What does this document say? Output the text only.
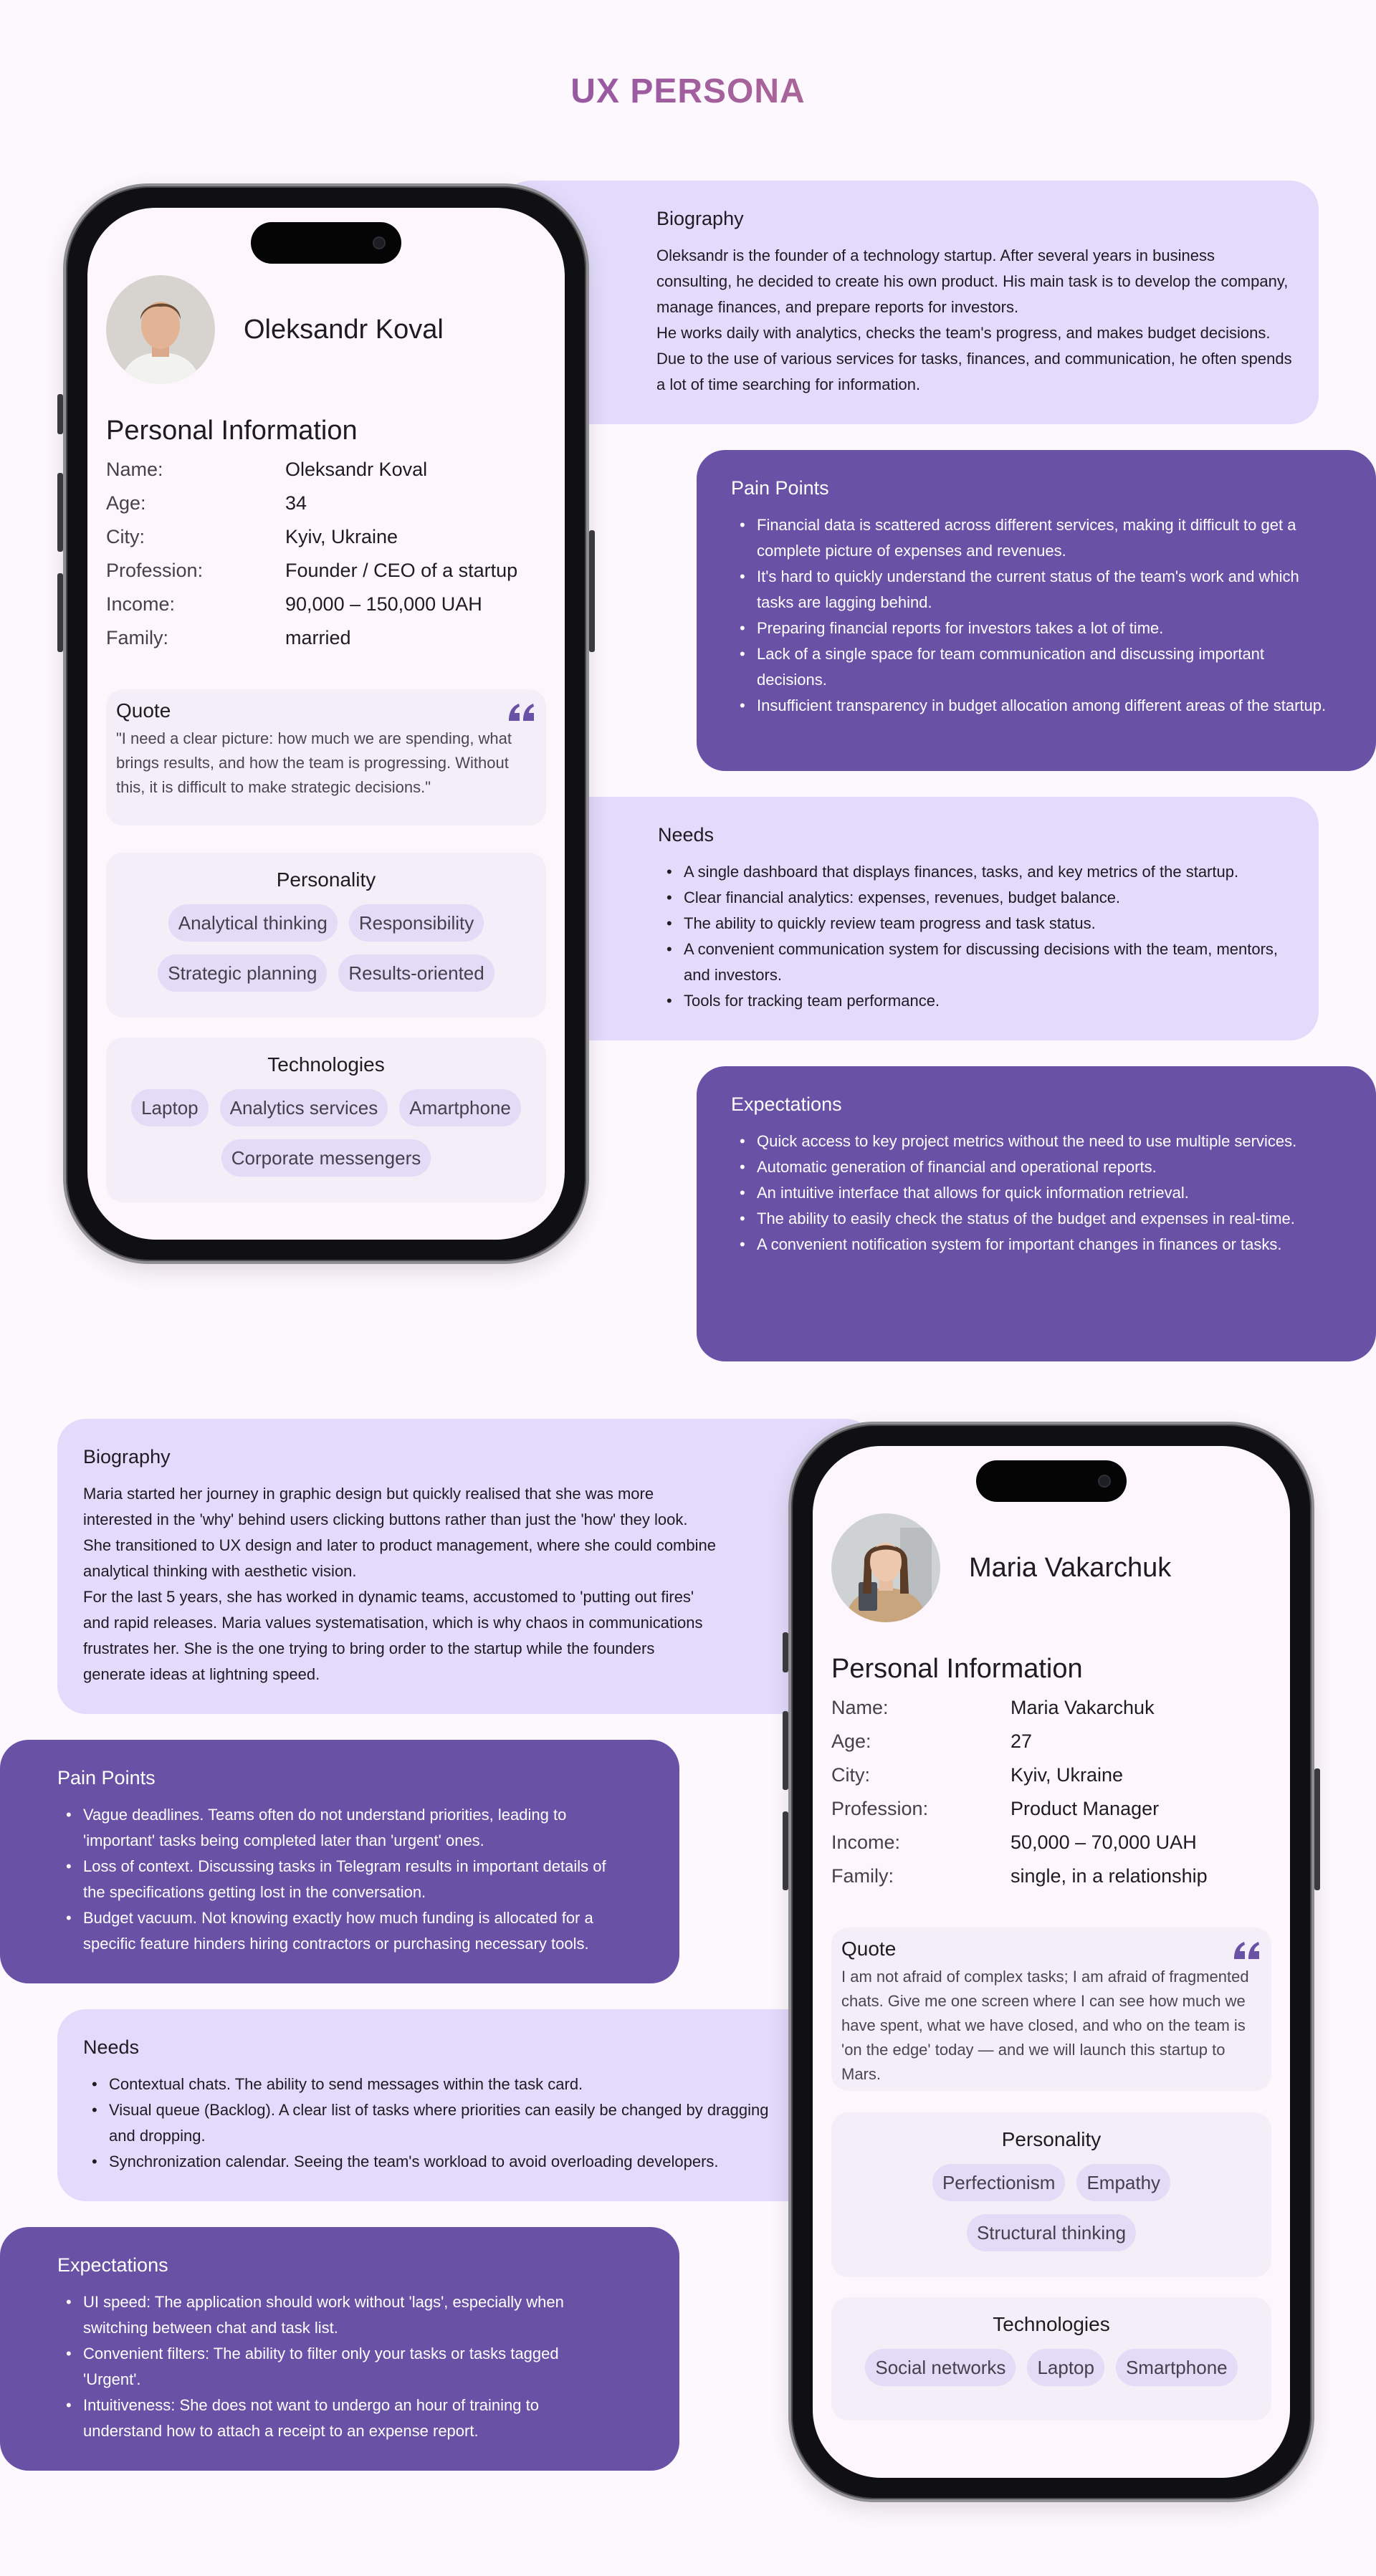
UX PERSONA
Biography

Oleksandr is the founder of a technology startup. After several years in business consulting, he decided to create his own product. His main task is to develop the company, manage finances, and prepare reports for investors.

He works daily with analytics, checks the team's progress, and makes budget decisions. Due to the use of various services for tasks, finances, and communication, he often spends a lot of time searching for information.

Pain Points
• Financial data is scattered across different services, making it difficult to get a complete picture of expenses and revenues.
• It's hard to quickly understand the current status of the team's work and which tasks are lagging behind.
• Preparing financial reports for investors takes a lot of time.
• Lack of a single space for team communication and discussing important decisions.
• Insufficient transparency in budget allocation among different areas of the startup.
Needs
• A single dashboard that displays finances, tasks, and key metrics of the startup.
• Clear financial analytics: expenses, revenues, budget balance.
• The ability to quickly review team progress and task status.
• A convenient communication system for discussing decisions with the team, mentors, and investors.
• Tools for tracking team performance.
Expectations
• Quick access to key project metrics without the need to use multiple services.
• Automatic generation of financial and operational reports.
• An intuitive interface that allows for quick information retrieval.
• The ability to easily check the status of the budget and expenses in real-time.
• A convenient notification system for important changes in finances or tasks.
Oleksandr Koval
Personal Information
Name:	Oleksandr Koval
Age:	34
City:	Kyiv, Ukraine
Profession:	Founder / CEO of a startup
Income:	90,000 – 150,000 UAH
Family:	married
Quote
"I need a clear picture: how much we are spending, what brings results, and how the team is progressing. Without this, it is difficult to make strategic decisions."
Personality
Analytical thinking	Responsibility
Strategic planning	Results-oriented
Technologies
Laptop	Analytics services	Amartphone
Corporate messengers
Biography

Maria started her journey in graphic design but quickly realised that she was more interested in the 'why' behind users clicking buttons rather than just the 'how' they look. She transitioned to UX design and later to product management, where she could combine analytical thinking with aesthetic vision.

For the last 5 years, she has worked in dynamic teams, accustomed to 'putting out fires' and rapid releases. Maria values systematisation, which is why chaos in communications frustrates her. She is the one trying to bring order to the startup while the founders generate ideas at lightning speed.

Pain Points
• Vague deadlines. Teams often do not understand priorities, leading to 'important' tasks being completed later than 'urgent' ones.
• Loss of context. Discussing tasks in Telegram results in important details of the specifications getting lost in the conversation.
• Budget vacuum. Not knowing exactly how much funding is allocated for a specific feature hinders hiring contractors or purchasing necessary tools.
Needs
• Contextual chats. The ability to send messages within the task card.
• Visual queue (Backlog). A clear list of tasks where priorities can easily be changed by dragging and dropping.
• Synchronization calendar. Seeing the team's workload to avoid overloading developers.
Expectations
• UI speed: The application should work without 'lags', especially when switching between chat and task list.
• Convenient filters: The ability to filter only your tasks or tasks tagged 'Urgent'.
• Intuitiveness: She does not want to undergo an hour of training to understand how to attach a receipt to an expense report.
Maria Vakarchuk
Personal Information
Name:	Maria Vakarchuk
Age:	27
City:	Kyiv, Ukraine
Profession:	Product Manager
Income:	50,000 – 70,000 UAH
Family:	single, in a relationship
Quote
I am not afraid of complex tasks; I am afraid of fragmented chats. Give me one screen where I can see how much we have spent, what we have closed, and who on the team is 'on the edge' today — and we will launch this startup to Mars.
Personality
Perfectionism	Empathy
Structural thinking
Technologies
Social networks	Laptop	Smartphone
